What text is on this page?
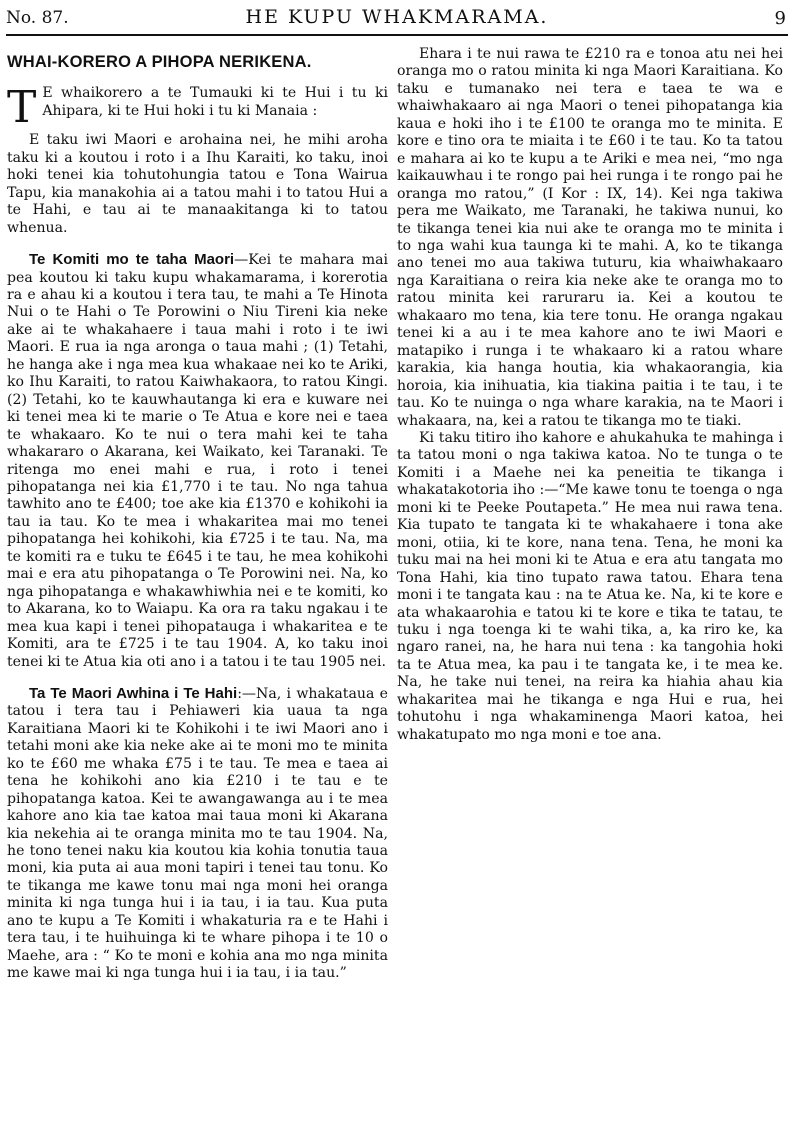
No. 87.	HE KUPU WHAKMARAMA.	9

WHAI-KORERO A PIHOPA NERIKENA.

T E whaikorero a te Tumauki ki te Hui i tu ki Ahipara, ki te Hui hoki i tu ki Manaia :

E taku iwi Maori e arohaina nei, he mihi aroha taku ki a koutou i roto i a Ihu Karaiti, ko taku, inoi hoki tenei kia tohutohungia tatou e Tona Wairua Tapu, kia manakohia ai a tatou mahi i to tatou Hui a te Hahi, e tau ai te manaakitanga ki to tatou whenua.

Te Komiti mo te taha Maori—Kei te mahara mai pea koutou ki taku kupu whakamarama, i korerotia ra e ahau ki a koutou i tera tau, te mahi a Te Hinota Nui o te Hahi o Te Porowini o Niu Tireni kia neke ake ai te whakahaere i taua mahi i roto i te iwi Maori. E rua ia nga aronga o taua mahi ; (1) Tetahi, he hanga ake i nga mea kua whakaae nei ko te Ariki, ko Ihu Karaiti, to ratou Kaiwhakaora, to ratou Kingi. (2) Tetahi, ko te kauwhautanga ki era e kuware nei ki tenei mea ki te marie o Te Atua e kore nei e taea te whakaaro. Ko te nui o tera mahi kei te taha whakararo o Akarana, kei Waikato, kei Taranaki. Te ritenga mo enei mahi e rua, i roto i tenei pihopatanga nei kia £1,770 i te tau. No nga tahua tawhito ano te £400; toe ake kia £1370 e kohikohi ia tau ia tau. Ko te mea i whakaritea mai mo tenei pihopatanga hei kohikohi, kia £725 i te tau. Na, ma te komiti ra e tuku te £645 i te tau, he mea kohikohi mai e era atu pihopatanga o Te Porowini nei. Na, ko nga pihopatanga e whakawhiwhia nei e te komiti, ko to Akarana, ko to Waiapu. Ka ora ra taku ngakau i te mea kua kapi i tenei pihopatauga i whakaritea e te Komiti, ara te £725 i te tau 1904. A, ko taku inoi tenei ki te Atua kia oti ano i a tatou i te tau 1905 nei.

Ta Te Maori Awhina i Te Hahi:—Na, i whakataua e tatou i tera tau i Pehiaweri kia uaua ta nga Karaitiana Maori ki te Kohikohi i te iwi Maori ano i tetahi moni ake kia neke ake ai te moni mo te minita ko te £60 me whaka £75 i te tau. Te mea e taea ai tena he kohikohi ano kia £210 i te tau e te pihopatanga katoa. Kei te awangawanga au i te mea kahore ano kia tae katoa mai taua moni ki Akarana kia nekehia ai te oranga minita mo te tau 1904. Na, he tono tenei naku kia koutou kia kohia tonutia taua moni, kia puta ai aua moni tapiri i tenei tau tonu. Ko te tikanga me kawe tonu mai nga moni hei oranga minita ki nga tunga hui i ia tau, i ia tau. Kua puta ano te kupu a Te Komiti i whakaturia ra e te Hahi i tera tau, i te huihuinga ki te whare pihopa i te 10 o Maehe, ara : “ Ko te moni e kohia ana mo nga minita me kawe mai ki nga tunga hui i ia tau, i ia tau.”

Ehara i te nui rawa te £210 ra e tonoa atu nei hei oranga mo o ratou minita ki nga Maori Karaitiana. Ko taku e tumanako nei tera e taea te wa e whaiwhakaaro ai nga Maori o tenei pihopatanga kia kaua e hoki iho i te £100 te oranga mo te minita. E kore e tino ora te miaita i te £60 i te tau. Ko ta tatou e mahara ai ko te kupu a te Ariki e mea nei, “mo nga kaikauwhau i te rongo pai hei runga i te rongo pai he oranga mo ratou,” (I Kor : IX, 14). Kei nga takiwa pera me Waikato, me Taranaki, he takiwa nunui, ko te tikanga tenei kia nui ake te oranga mo te minita i to nga wahi kua taunga ki te mahi. A, ko te tikanga ano tenei mo aua takiwa tuturu, kia whaiwhakaaro nga Karaitiana o reira kia neke ake te oranga mo to ratou minita kei raruraru ia. Kei a koutou te whakaaro mo tena, kia tere tonu. He oranga ngakau tenei ki a au i te mea kahore ano te iwi Maori e matapiko i runga i te whakaaro ki a ratou whare karakia, kia hanga houtia, kia whakaorangia, kia horoia, kia inihuatia, kia tiakina paitia i te tau, i te tau. Ko te nuinga o nga whare karakia, na te Maori i whakaara, na, kei a ratou te tikanga mo te tiaki.

Ki taku titiro iho kahore e ahukahuka te mahinga i ta tatou moni o nga takiwa katoa. No te tunga o te Komiti i a Maehe nei ka peneitia te tikanga i whakatakotoria iho :—“Me kawe tonu te toenga o nga moni ki te Peeke Poutapeta.” He mea nui rawa tena. Kia tupato te tangata ki te whakahaere i tona ake moni, otiia, ki te kore, nana tena. Tena, he moni ka tuku mai na hei moni ki te Atua e era atu tangata mo Tona Hahi, kia tino tupato rawa tatou. Ehara tena moni i te tangata kau : na te Atua ke. Na, ki te kore e ata whakaarohia e tatou ki te kore e tika te tatau, te tuku i nga toenga ki te wahi tika, a, ka riro ke, ka ngaro ranei, na, he hara nui tena : ka tangohia hoki ta te Atua mea, ka pau i te tangata ke, i te mea ke. Na, he take nui tenei, na reira ka hiahia ahau kia whakaritea mai he tikanga e nga Hui e rua, hei tohutohu i nga whakaminenga Maori katoa, hei whakatupato mo nga moni e toe ana.
